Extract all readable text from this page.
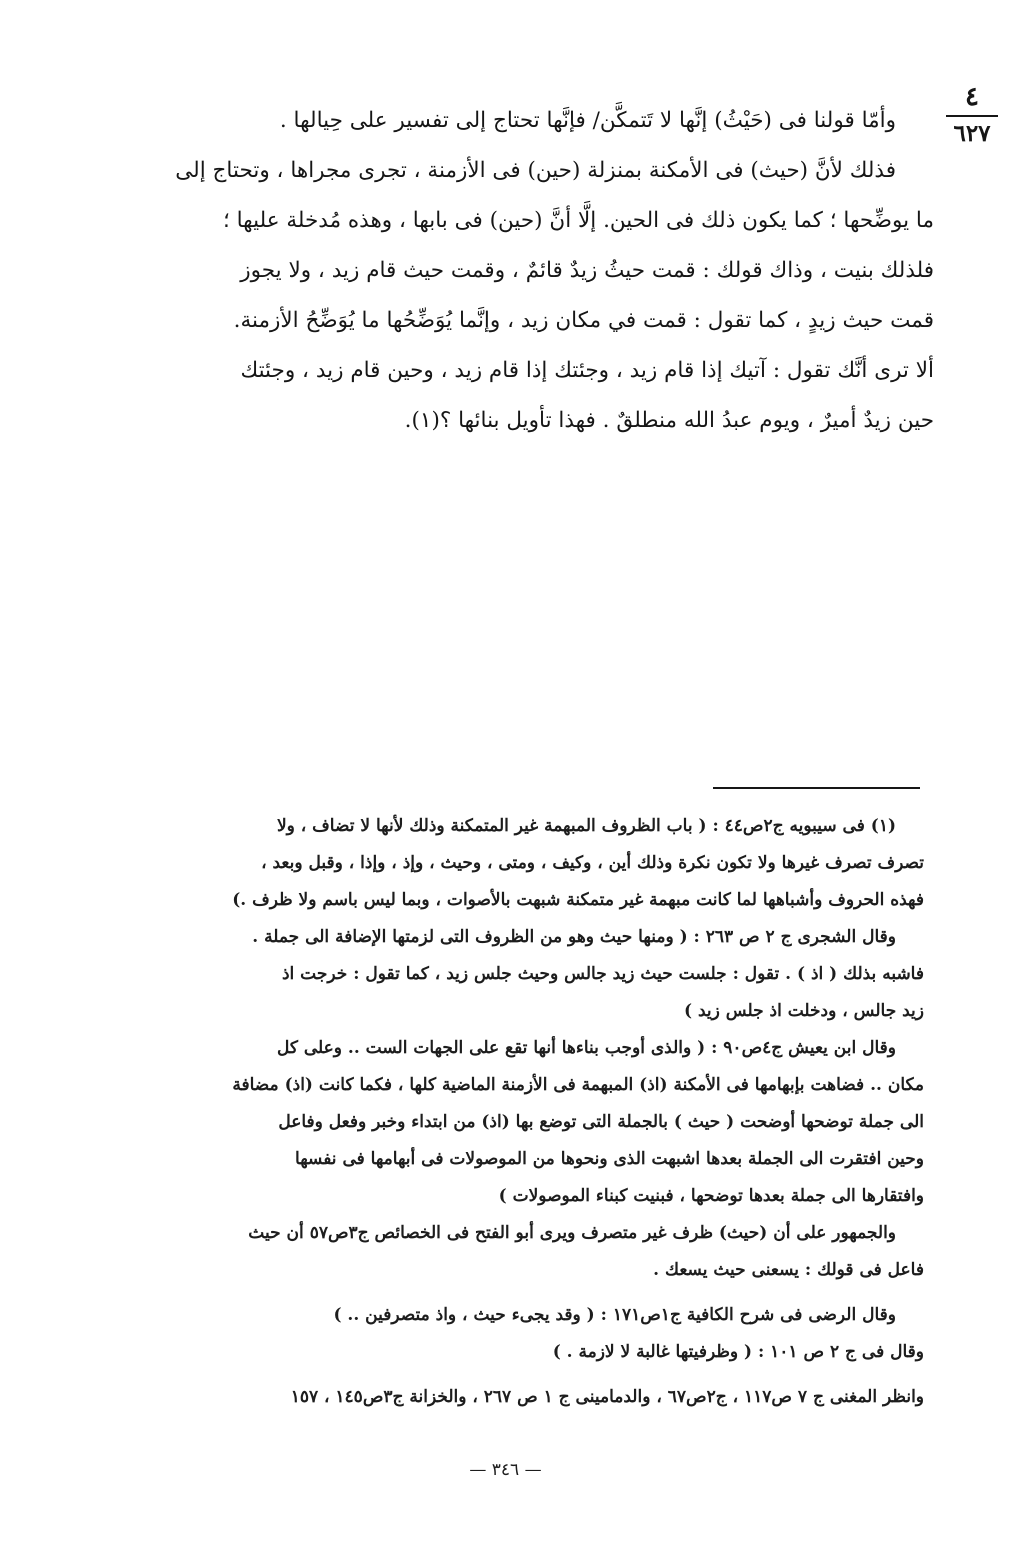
٤
٦٢٧

وأمّا قولنا فى (حَيْثُ) إنَّها لا تَتمكَّن/ فإنَّها تحتاج إلى تفسير على حِيالها .

فذلك لأنَّ (حيث) فى الأمكنة بمنزلة (حين) فى الأزمنة ، تجرى مجراها ، وتحتاج إلى

ما يوضِّحها ؛ كما يكون ذلك فى الحين. إلَّا أنَّ (حين) فى بابها ، وهذه مُدخلة عليها ؛

فلذلك بنيت ، وذاك قولك : قمت حيثُ زيدٌ قائمٌ ، وقمت حيث قام زيد ، ولا يجوز

قمت حيث زيدٍ ، كما تقول : قمت في مكان زيد ، وإنَّما يُوَضِّحُها ما يُوَضِّحُ الأزمنة.

ألا ترى أنَّك تقول : آتيك إذا قام زيد ، وجئتك إذا قام زيد ، وحين قام زيد ، وجئتك

حين زيدٌ أميرٌ ، ويوم عبدُ الله منطلقٌ . فهذا تأويل بنائها ؟(١).

(١) فى سيبويه ج٢ص٤٤ : ( باب الظروف المبهمة غير المتمكنة وذلك لأنها لا تضاف ، ولا

تصرف تصرف غيرها ولا تكون نكرة وذلك أين ، وكيف ، ومتى ، وحيث ، وإذ ، وإذا ، وقبل وبعد ،

فهذه الحروف وأشباهها لما كانت مبهمة غير متمكنة شبهت بالأصوات ، وبما ليس باسم ولا ظرف .)

وقال الشجرى ج ٢ ص ٢٦٣ : ( ومنها حيث وهو من الظروف التى لزمتها الإضافة الى جملة .

فاشبه بذلك ( اذ ) . تقول : جلست حيث زيد جالس وحيث جلس زيد ، كما تقول : خرجت اذ

زيد جالس ، ودخلت اذ جلس زيد )

وقال ابن يعيش ج٤ص٩٠ : ( والذى أوجب بناءها أنها تقع على الجهات الست .. وعلى كل

مكان .. فضاهت بإبهامها فى الأمكنة (اذ) المبهمة فى الأزمنة الماضية كلها ، فكما كانت (اذ) مضافة

الى جملة توضحها أوضحت ( حيث ) بالجملة التى توضع بها (اذ) من ابتداء وخبر وفعل وفاعل

وحين افتقرت الى الجملة بعدها اشبهت الذى ونحوها من الموصولات فى أبهامها فى نفسها

وافتقارها الى جملة بعدها توضحها ، فبنيت كبناء الموصولات )

والجمهور على أن (حيث) ظرف غير متصرف ويرى أبو الفتح فى الخصائص ج٣ص٥٧ أن حيث

فاعل فى قولك : يسعنى حيث يسعك .

وقال الرضى فى شرح الكافية ج١ص١٧١ : ( وقد يجىء حيث ، واذ متصرفين .. )

وقال فى ج ٢ ص ١٠١ : ( وظرفيتها غالبة لا لازمة . )

وانظر المغنى ج ٧ ص١١٧ ، ج٢ص٦٧ ، والدمامينى ج ١ ص ٢٦٧ ، والخزانة ج٣ص١٤٥ ، ١٥٧

— ٣٤٦ —
